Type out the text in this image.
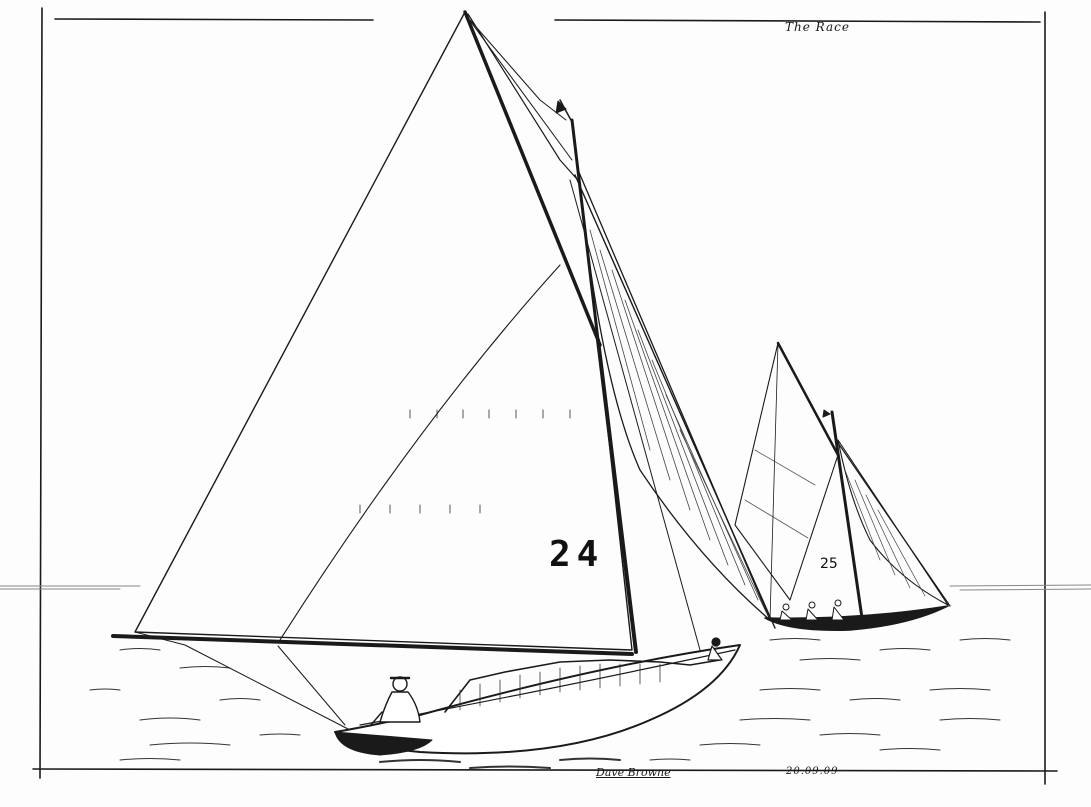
The Race
24	25
Dave Browne	20.09.09
